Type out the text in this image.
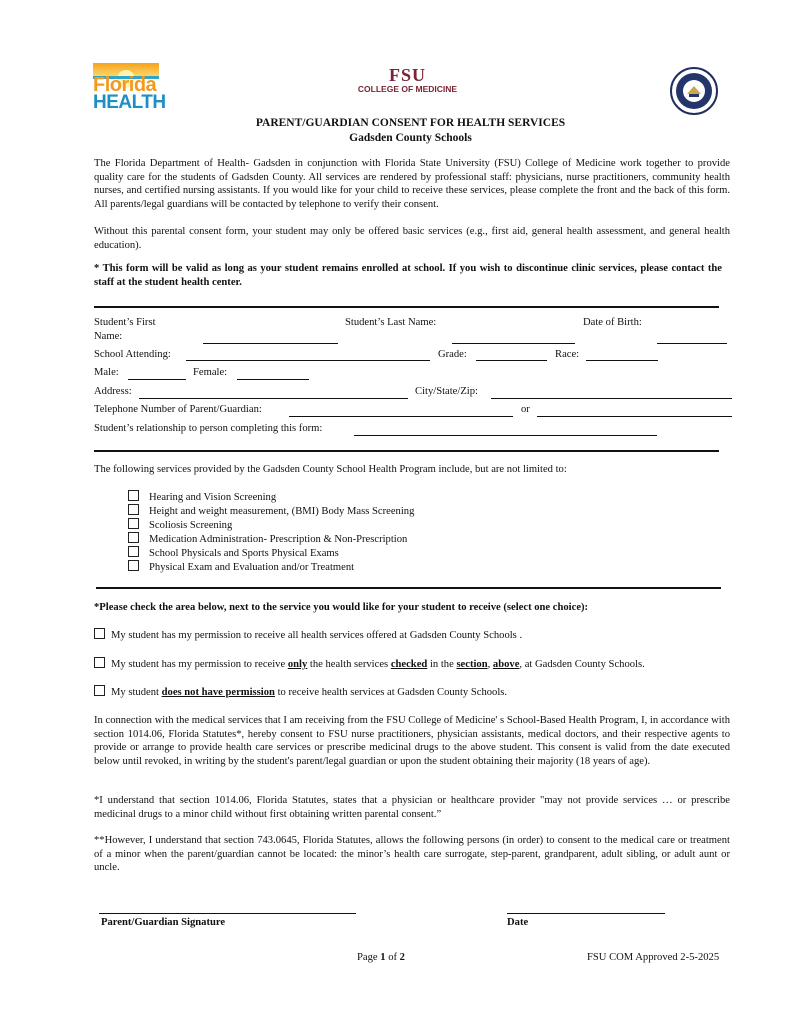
Florida
HEALTH
FSU
COLLEGE OF MEDICINE
PARENT/GUARDIAN CONSENT FOR HEALTH SERVICES
Gadsden County Schools
The Florida Department of Health- Gadsden in conjunction with Florida State University (FSU) College of Medicine work together to provide quality care for the students of Gadsden County. All services are rendered by professional staff: physicians, nurse practitioners, community health nurses, and certified nursing assistants. If you would like for your child to receive these services, please complete the front and the back of this form. All parents/legal guardians will be contacted by telephone to verify their consent.
Without this parental consent form, your student may only be offered basic services (e.g., first aid, general health assessment, and general health education).
* This form will be valid as long as your student remains enrolled at school. If you wish to discontinue clinic services, please contact the staff at the student health center.
Student’s First Name:
Student’s Last Name:	Date of Birth:
School Attending:	Grade:	Race:
Male:	Female:
Address:	City/State/Zip:
Telephone Number of Parent/Guardian:	or
Student’s relationship to person completing this form:
The following services provided by the Gadsden County School Health Program include, but are not limited to:
Hearing and Vision Screening
Height and weight measurement, (BMI) Body Mass Screening
Scoliosis Screening
Medication Administration- Prescription & Non-Prescription
School Physicals and Sports Physical Exams
Physical Exam and Evaluation and/or Treatment
*Please check the area below, next to the service you would like for your student to receive (select one choice):
My student has my permission to receive all health services offered at Gadsden County Schools .
My student has my permission to receive only the health services checked in the section, above, at Gadsden County Schools.
My student does not have permission to receive health services at Gadsden County Schools.
In connection with the medical services that I am receiving from the FSU College of Medicine' s School-Based Health Program, I, in accordance with section 1014.06, Florida Statutes*, hereby consent to FSU nurse practitioners, physician assistants, medical doctors, and their respective agents to provide or arrange to provide health care services or prescribe medicinal drugs to the above student. This consent is valid from the date executed below until revoked, in writing by the student's parent/legal guardian or upon the student obtaining their majority (18 years of age).
*I understand that section 1014.06, Florida Statutes, states that a physician or healthcare provider "may not provide services … or prescribe medicinal drugs to a minor child without first obtaining written parental consent.”
**However, I understand that section 743.0645, Florida Statutes, allows the following persons (in order) to consent to the medical care or treatment of a minor when the parent/guardian cannot be located: the minor’s health care surrogate, step-parent, grandparent, adult sibling, or adult aunt or uncle.
Parent/Guardian Signature	Date
Page 1 of 2	FSU COM Approved 2-5-2025
